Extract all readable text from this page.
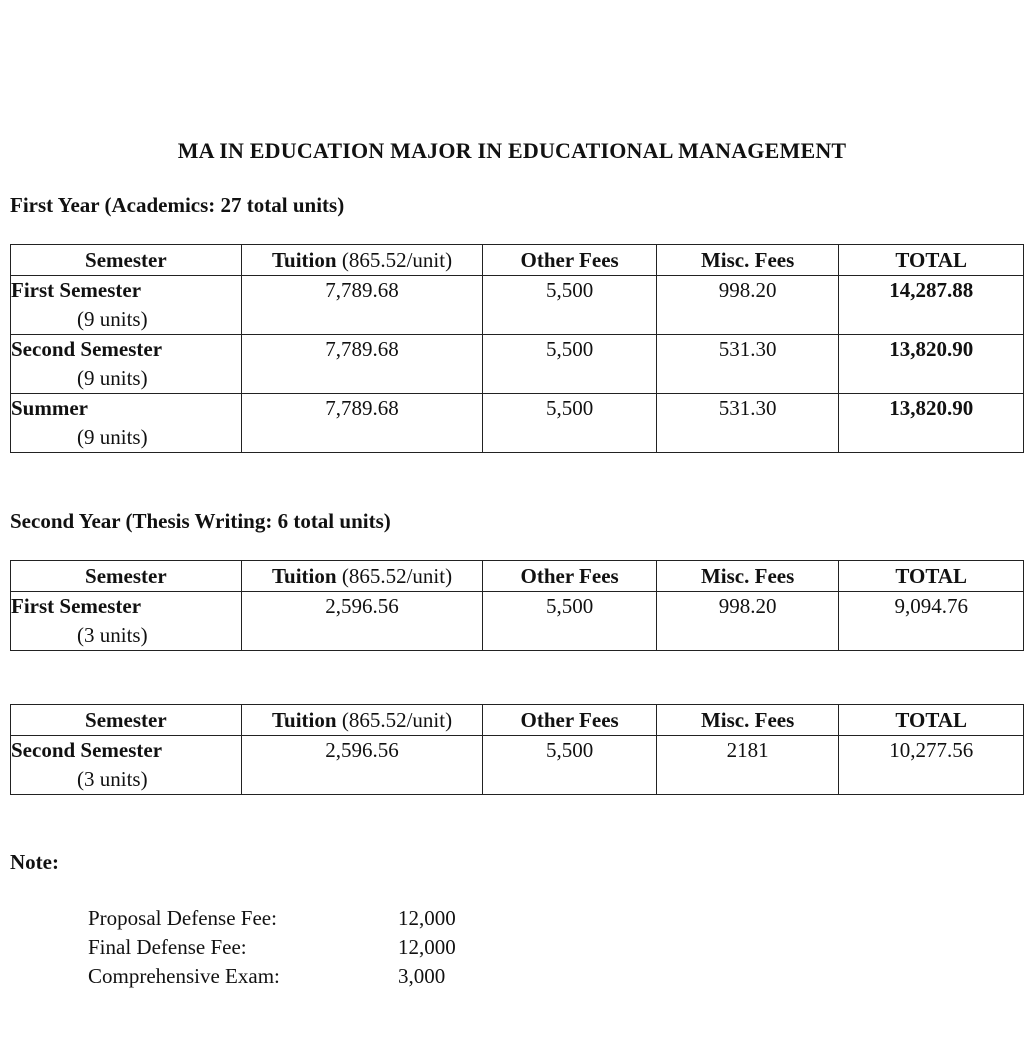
MA IN EDUCATION MAJOR IN EDUCATIONAL MANAGEMENT
First Year (Academics: 27 total units)
Semester	Tuition (865.52/unit)	Other Fees	Misc. Fees	TOTAL

First Semester
(9 units)	7,789.68	5,500	998.20	14,287.88

Second Semester
(9 units)	7,789.68	5,500	531.30	13,820.90

Summer
(9 units)	7,789.68	5,500	531.30	13,820.90
Second Year (Thesis Writing: 6 total units)
Semester	Tuition (865.52/unit)	Other Fees	Misc. Fees	TOTAL

First Semester
(3 units)	2,596.56	5,500	998.20	9,094.76
Semester	Tuition (865.52/unit)	Other Fees	Misc. Fees	TOTAL

Second Semester
(3 units)	2,596.56	5,500	2181	10,277.56
Note:
Proposal Defense Fee:	12,000
Final Defense Fee:	12,000
Comprehensive Exam:	3,000
